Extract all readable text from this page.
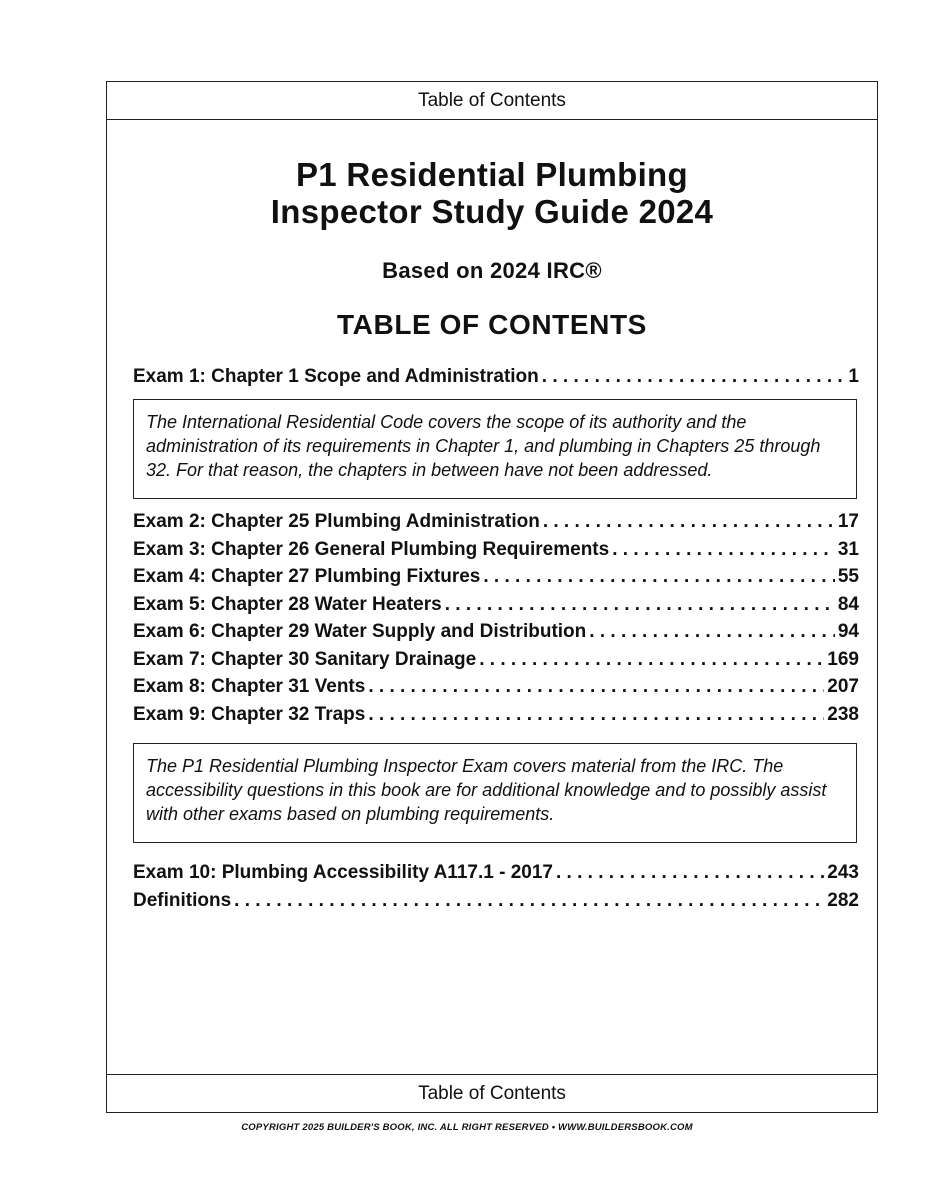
Table of Contents
P1 Residential Plumbing
Inspector Study Guide 2024
Based on 2024 IRC®
TABLE OF CONTENTS
Exam 1: Chapter 1 Scope and Administration . . .	1
The International Residential Code covers the scope of its authority and the administration of its requirements in Chapter 1, and plumbing in Chapters 25 through 32. For that reason, the chapters in between have not been addressed.
Exam 2: Chapter 25 Plumbing Administration . . .	17
Exam 3: Chapter 26 General Plumbing Requirements . . .	31
Exam 4: Chapter 27 Plumbing Fixtures . . .	55
Exam 5: Chapter 28 Water Heaters . . .	84
Exam 6: Chapter 29 Water Supply and Distribution . . .	94
Exam 7: Chapter 30 Sanitary Drainage . . .	169
Exam 8: Chapter 31 Vents . . .	207
Exam 9: Chapter 32 Traps . . .	238
The P1 Residential Plumbing Inspector Exam covers material from the IRC. The accessibility questions in this book are for additional knowledge and to possibly assist with other exams based on plumbing requirements.
Exam 10: Plumbing Accessibility A117.1 - 2017 . . .	243
Definitions . . .	282
Table of Contents
COPYRIGHT 2025 BUILDER'S BOOK, INC. ALL RIGHT RESERVED • WWW.BUILDERSBOOK.COM
